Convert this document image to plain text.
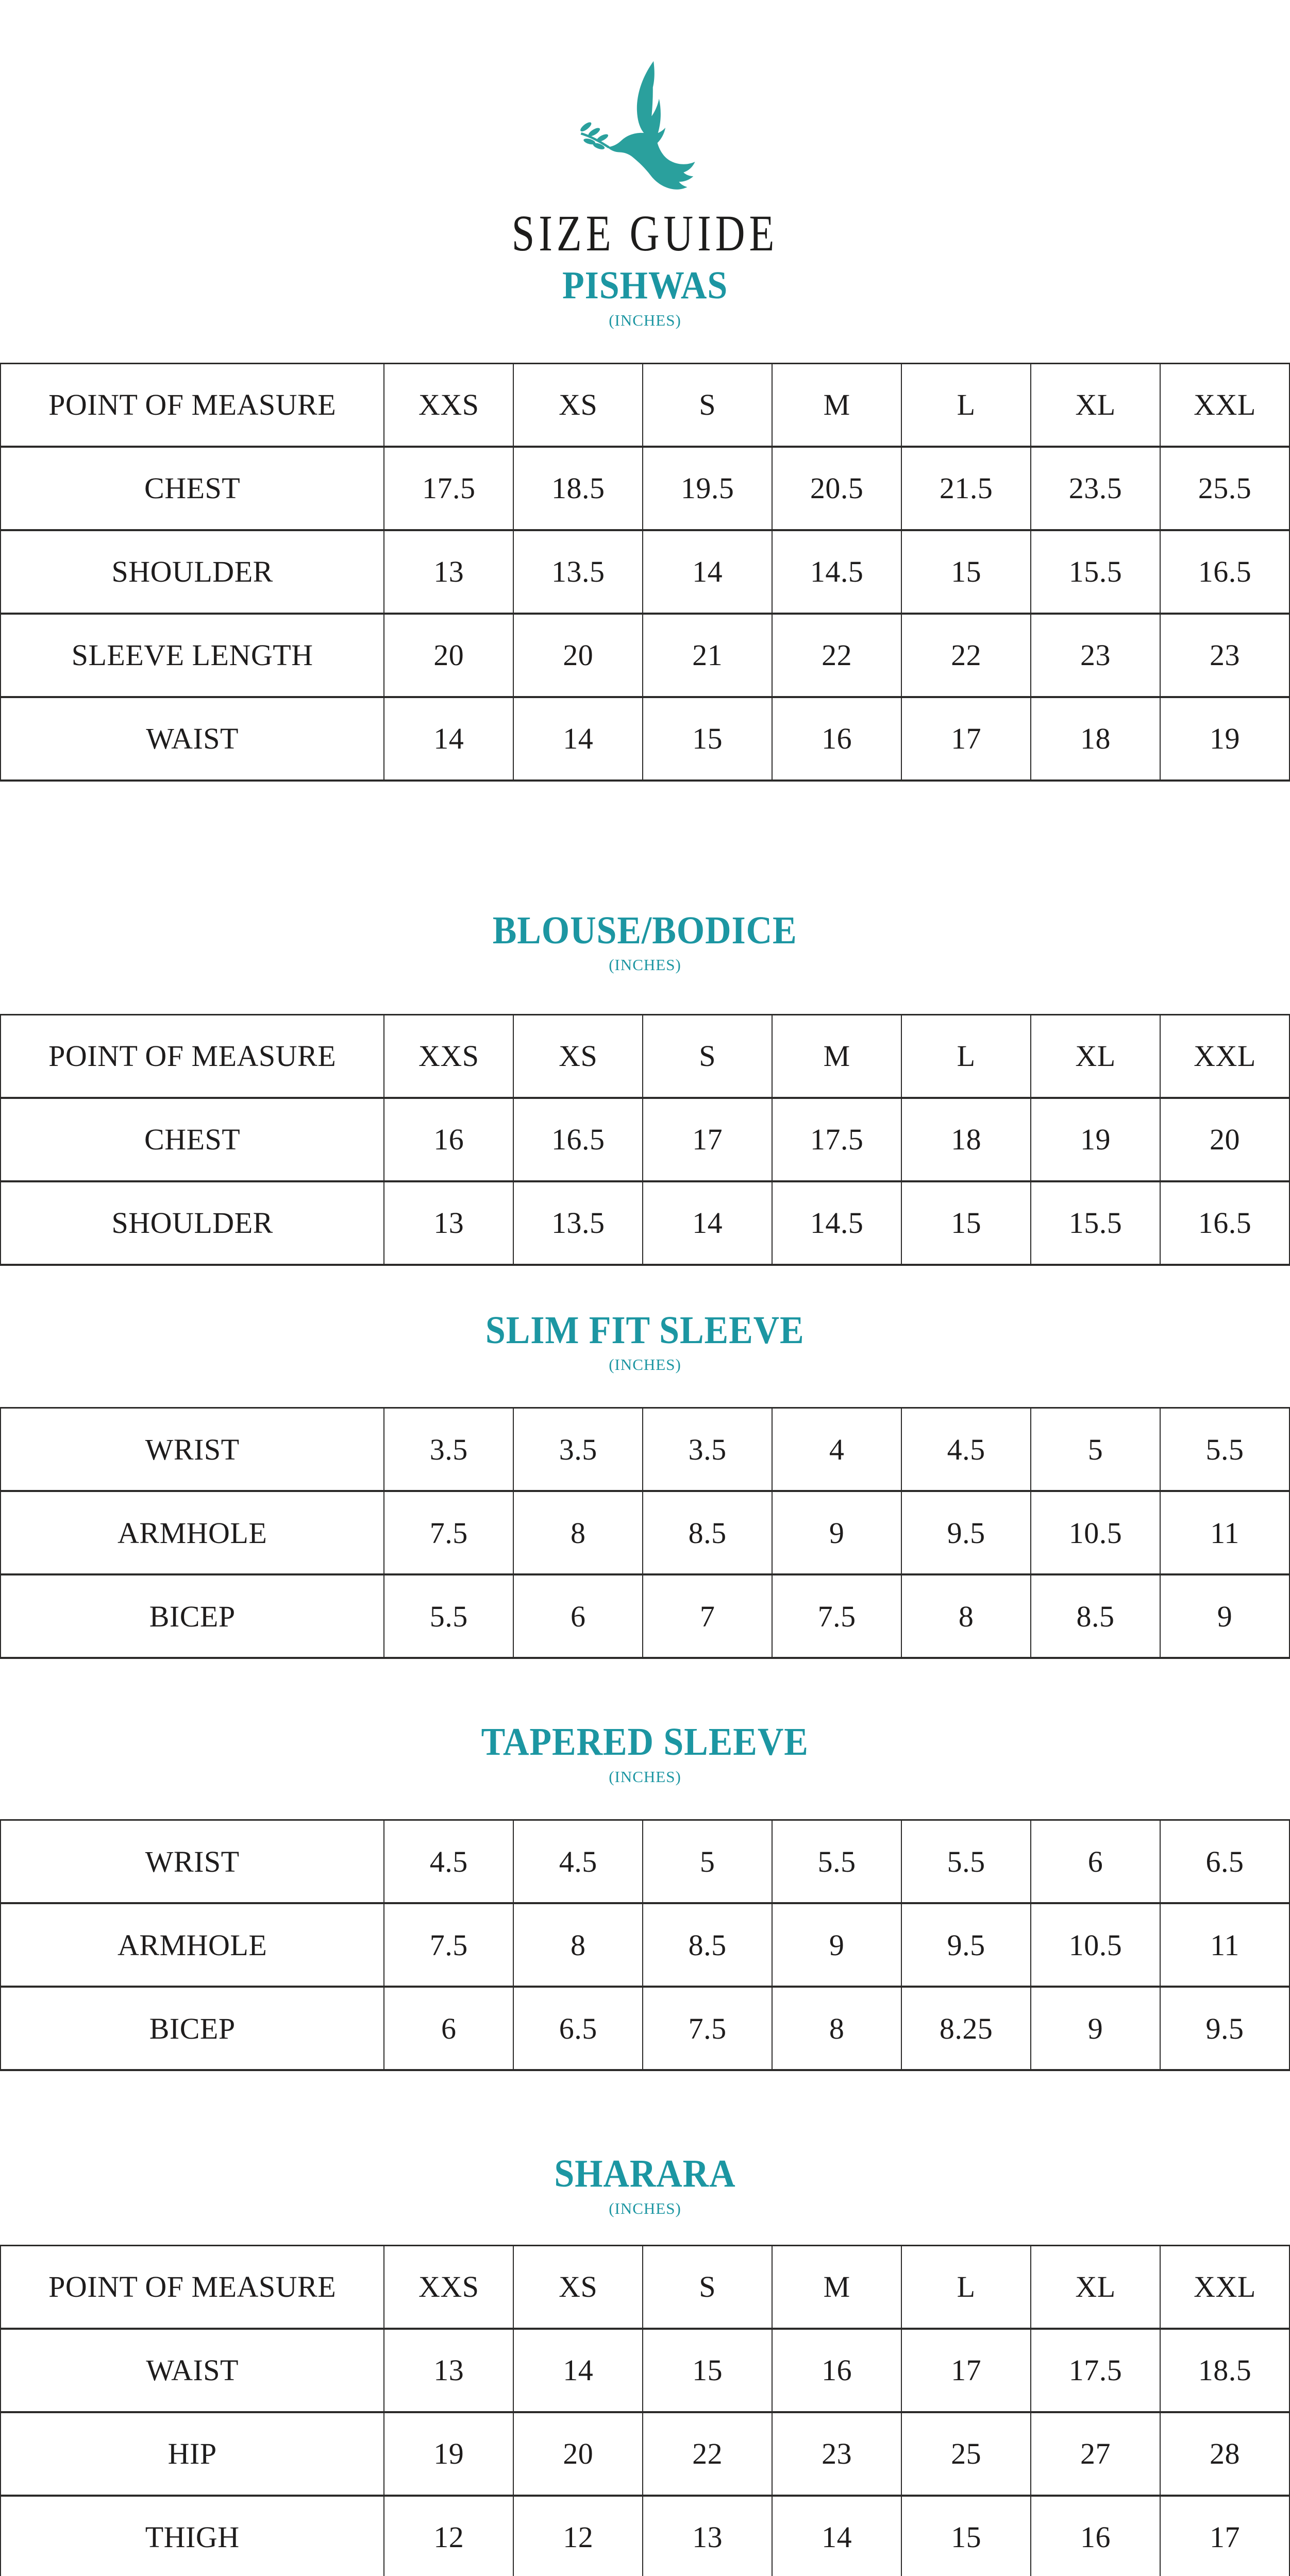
SIZE GUIDE
PISHWAS
(INCHES)
POINT OF MEASURE	XXS	XS	S	M	L	XL	XXL
CHEST	17.5	18.5	19.5	20.5	21.5	23.5	25.5
SHOULDER	13	13.5	14	14.5	15	15.5	16.5
SLEEVE LENGTH	20	20	21	22	22	23	23
WAIST	14	14	15	16	17	18	19
BLOUSE/BODICE
(INCHES)
POINT OF MEASURE	XXS	XS	S	M	L	XL	XXL
CHEST	16	16.5	17	17.5	18	19	20
SHOULDER	13	13.5	14	14.5	15	15.5	16.5
SLIM FIT SLEEVE
(INCHES)
WRIST	3.5	3.5	3.5	4	4.5	5	5.5
ARMHOLE	7.5	8	8.5	9	9.5	10.5	11
BICEP	5.5	6	7	7.5	8	8.5	9
TAPERED SLEEVE
(INCHES)
WRIST	4.5	4.5	5	5.5	5.5	6	6.5
ARMHOLE	7.5	8	8.5	9	9.5	10.5	11
BICEP	6	6.5	7.5	8	8.25	9	9.5
SHARARA
(INCHES)
POINT OF MEASURE	XXS	XS	S	M	L	XL	XXL
WAIST	13	14	15	16	17	17.5	18.5
HIP	19	20	22	23	25	27	28
THIGH	12	12	13	14	15	16	17
